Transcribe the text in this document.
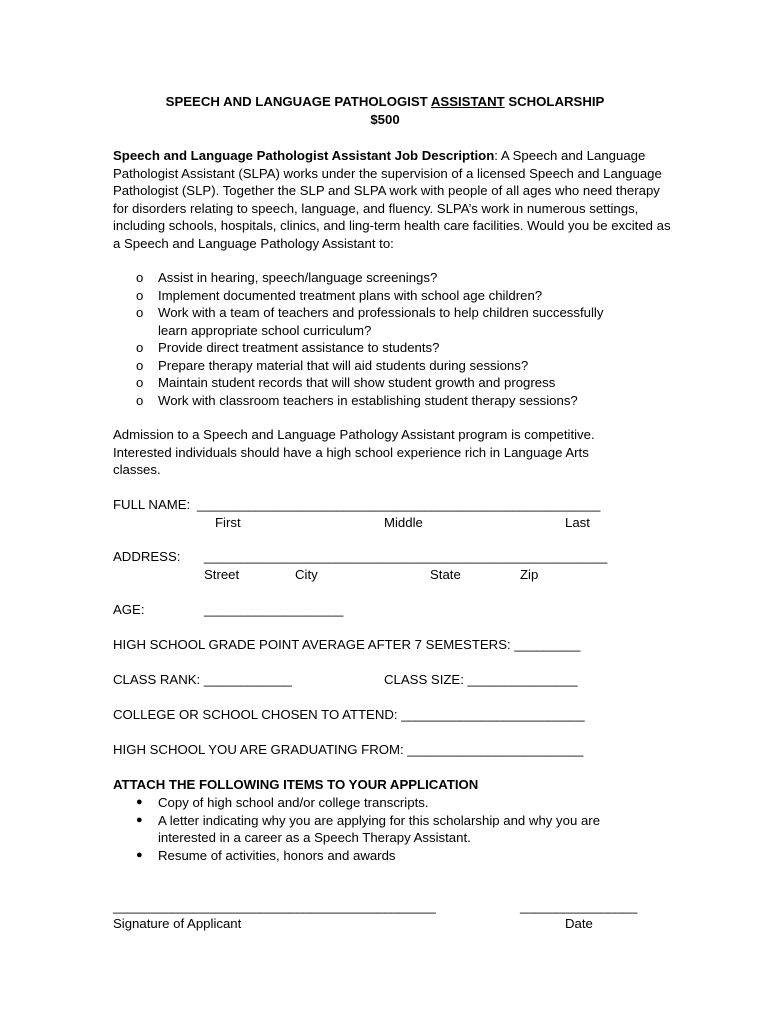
SPEECH AND LANGUAGE PATHOLOGIST ASSISTANT SCHOLARSHIP
$500
Speech and Language Pathologist Assistant Job Description: A Speech and Language Pathologist Assistant (SLPA) works under the supervision of a licensed Speech and Language Pathologist (SLP). Together the SLP and SLPA work with people of all ages who need therapy for disorders relating to speech, language, and fluency. SLPA’s work in numerous settings, including schools, hospitals, clinics, and ling-term health care facilities. Would you be excited as a Speech and Language Pathology Assistant to:
o Assist in hearing, speech/language screenings?
o Implement documented treatment plans with school age children?
o Work with a team of teachers and professionals to help children successfully learn appropriate school curriculum?
o Provide direct treatment assistance to students?
o Prepare therapy material that will aid students during sessions?
o Maintain student records that will show student growth and progress
o Work with classroom teachers in establishing student therapy sessions?
Admission to a Speech and Language Pathology Assistant program is competitive. Interested individuals should have a high school experience rich in Language Arts classes.
FULL NAME: _______________________________________________________
First	Middle	Last
ADDRESS: _______________________________________________________
Street	City	State	Zip
AGE:	___________________
HIGH SCHOOL GRADE POINT AVERAGE AFTER 7 SEMESTERS: _________
CLASS RANK: ____________	CLASS SIZE: _______________
COLLEGE OR SCHOOL CHOSEN TO ATTEND: _________________________
HIGH SCHOOL YOU ARE GRADUATING FROM: ________________________
ATTACH THE FOLLOWING ITEMS TO YOUR APPLICATION
● Copy of high school and/or college transcripts.
● A letter indicating why you are applying for this scholarship and why you are interested in a career as a Speech Therapy Assistant.
● Resume of activities, honors and awards
____________________________________________	________________
Signature of Applicant	Date
